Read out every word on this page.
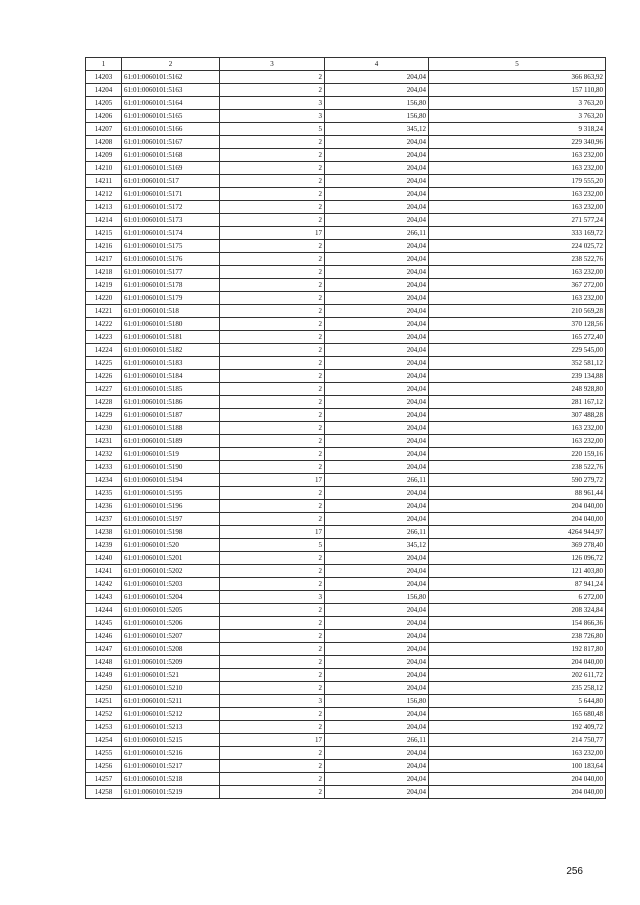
1	2	3	4	5
14203	61:01:0060101:5162	2	204,04	366 863,92
14204	61:01:0060101:5163	2	204,04	157 110,80
14205	61:01:0060101:5164	3	156,80	3 763,20
14206	61:01:0060101:5165	3	156,80	3 763,20
14207	61:01:0060101:5166	5	345,12	9 318,24
14208	61:01:0060101:5167	2	204,04	229 340,96
14209	61:01:0060101:5168	2	204,04	163 232,00
14210	61:01:0060101:5169	2	204,04	163 232,00
14211	61:01:0060101:517	2	204,04	179 555,20
14212	61:01:0060101:5171	2	204,04	163 232,00
14213	61:01:0060101:5172	2	204,04	163 232,00
14214	61:01:0060101:5173	2	204,04	271 577,24
14215	61:01:0060101:5174	17	266,11	333 169,72
14216	61:01:0060101:5175	2	204,04	224 025,72
14217	61:01:0060101:5176	2	204,04	238 522,76
14218	61:01:0060101:5177	2	204,04	163 232,00
14219	61:01:0060101:5178	2	204,04	367 272,00
14220	61:01:0060101:5179	2	204,04	163 232,00
14221	61:01:0060101:518	2	204,04	210 569,28
14222	61:01:0060101:5180	2	204,04	370 128,56
14223	61:01:0060101:5181	2	204,04	165 272,40
14224	61:01:0060101:5182	2	204,04	229 545,00
14225	61:01:0060101:5183	2	204,04	352 581,12
14226	61:01:0060101:5184	2	204,04	239 134,88
14227	61:01:0060101:5185	2	204,04	248 928,80
14228	61:01:0060101:5186	2	204,04	281 167,12
14229	61:01:0060101:5187	2	204,04	307 488,28
14230	61:01:0060101:5188	2	204,04	163 232,00
14231	61:01:0060101:5189	2	204,04	163 232,00
14232	61:01:0060101:519	2	204,04	220 159,16
14233	61:01:0060101:5190	2	204,04	238 522,76
14234	61:01:0060101:5194	17	266,11	590 279,72
14235	61:01:0060101:5195	2	204,04	88 961,44
14236	61:01:0060101:5196	2	204,04	204 040,00
14237	61:01:0060101:5197	2	204,04	204 040,00
14238	61:01:0060101:5198	17	266,11	4264 944,97
14239	61:01:0060101:520	5	345,12	369 278,40
14240	61:01:0060101:5201	2	204,04	126 096,72
14241	61:01:0060101:5202	2	204,04	121 403,80
14242	61:01:0060101:5203	2	204,04	87 941,24
14243	61:01:0060101:5204	3	156,80	6 272,00
14244	61:01:0060101:5205	2	204,04	208 324,84
14245	61:01:0060101:5206	2	204,04	154 866,36
14246	61:01:0060101:5207	2	204,04	238 726,80
14247	61:01:0060101:5208	2	204,04	192 817,80
14248	61:01:0060101:5209	2	204,04	204 040,00
14249	61:01:0060101:521	2	204,04	202 611,72
14250	61:01:0060101:5210	2	204,04	235 258,12
14251	61:01:0060101:5211	3	156,80	5 644,80
14252	61:01:0060101:5212	2	204,04	165 680,48
14253	61:01:0060101:5213	2	204,04	192 409,72
14254	61:01:0060101:5215	17	266,11	214 750,77
14255	61:01:0060101:5216	2	204,04	163 232,00
14256	61:01:0060101:5217	2	204,04	100 183,64
14257	61:01:0060101:5218	2	204,04	204 040,00
14258	61:01:0060101:5219	2	204,04	204 040,00
256
